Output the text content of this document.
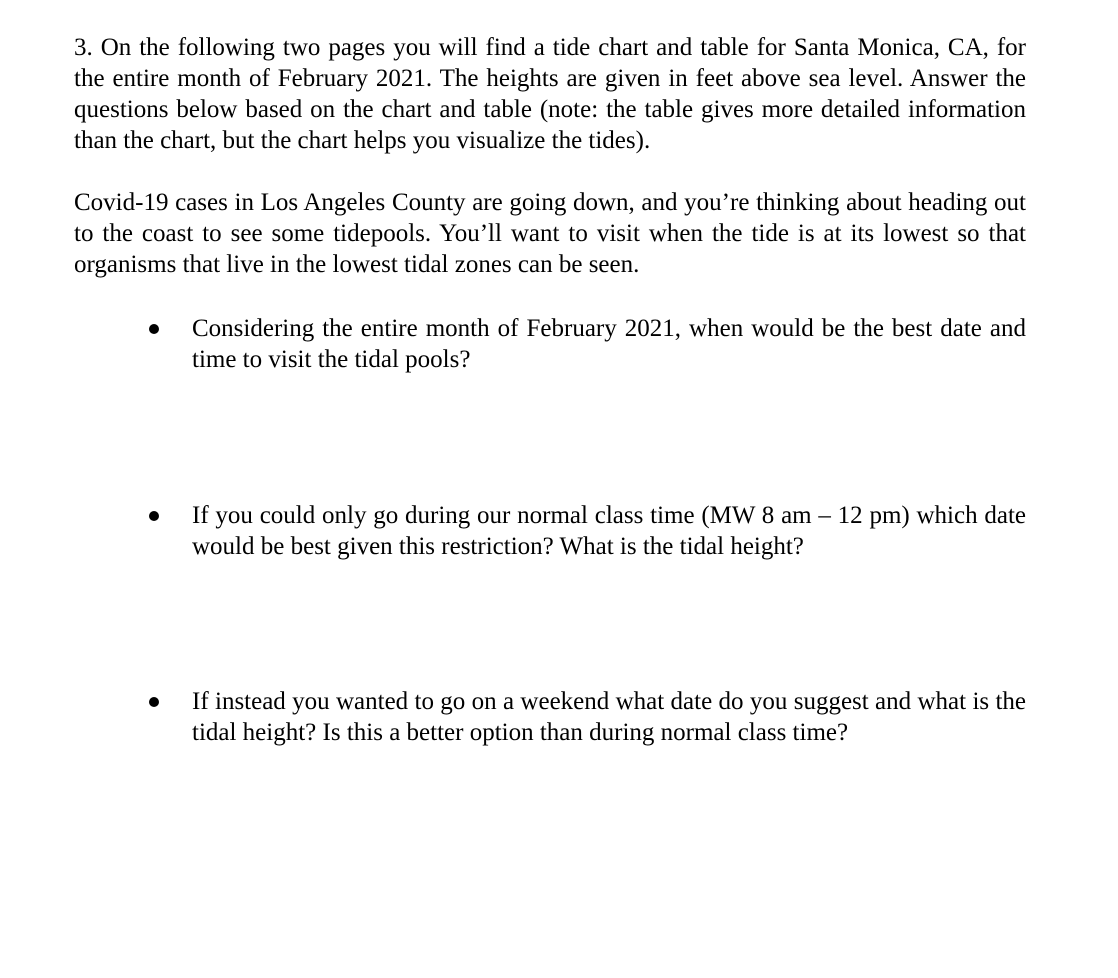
3. On the following two pages you will find a tide chart and table for Santa Monica, CA, for the entire month of February 2021. The heights are given in feet above sea level. Answer the questions below based on the chart and table (note: the table gives more detailed information than the chart, but the chart helps you visualize the tides).

Covid-19 cases in Los Angeles County are going down, and you’re thinking about heading out to the coast to see some tidepools. You’ll want to visit when the tide is at its lowest so that organisms that live in the lowest tidal zones can be seen.

Considering the entire month of February 2021, when would be the best date and time to visit the tidal pools?
If you could only go during our normal class time (MW 8 am – 12 pm) which date would be best given this restriction? What is the tidal height?
If instead you wanted to go on a weekend what date do you suggest and what is the tidal height? Is this a better option than during normal class time?
